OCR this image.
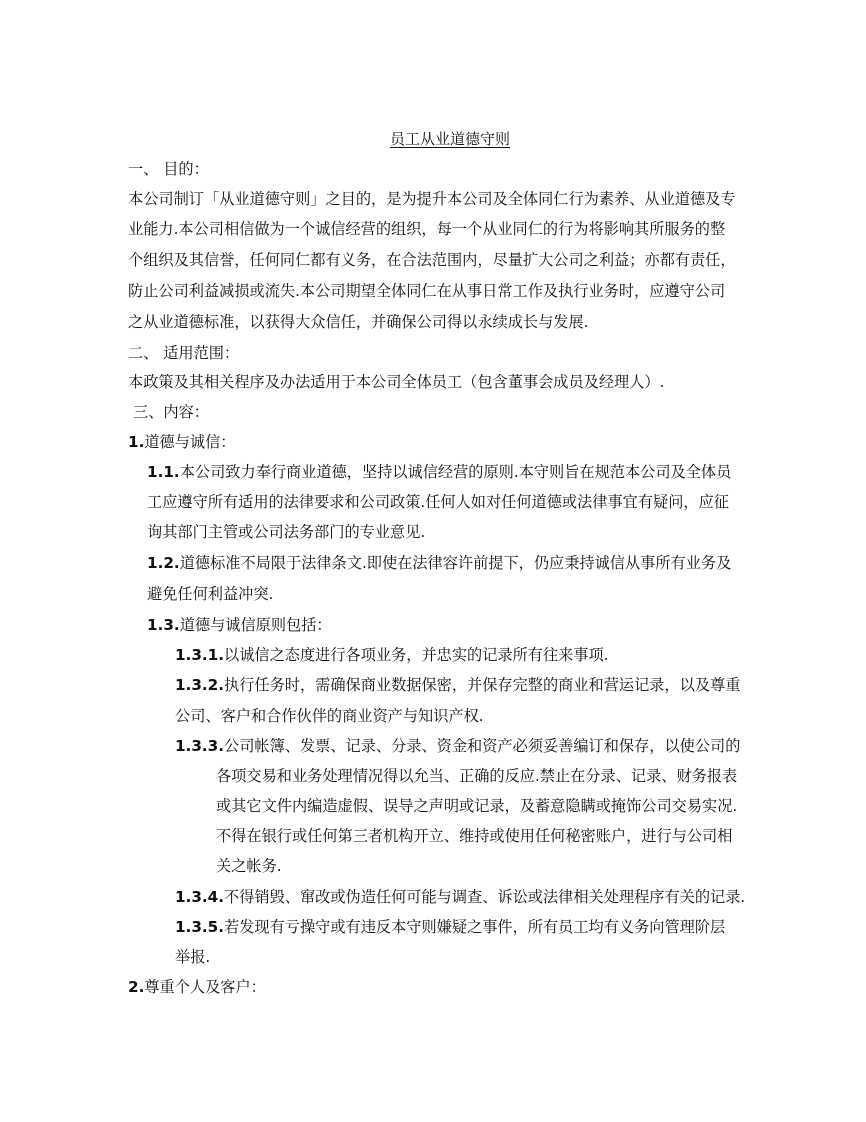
员工从业道德守则
一、 目的：
本公司制订「从业道德守则」之目的，是为提升本公司及全体同仁行为素养、从业道德及专
业能力.本公司相信做为一个诚信经营的组织，每一个从业同仁的行为将影响其所服务的整
个组织及其信誉，任何同仁都有义务，在合法范围内，尽量扩大公司之利益；亦都有责任，
防止公司利益减损或流失.本公司期望全体同仁在从事日常工作及执行业务时，应遵守公司
之从业道德标准，以获得大众信任，并确保公司得以永续成长与发展.
二、 适用范围：
本政策及其相关程序及办法适用于本公司全体员工（包含董事会成员及经理人）.
三、内容：
1.道德与诚信：
1.1.本公司致力奉行商业道德，坚持以诚信经营的原则.本守则旨在规范本公司及全体员
工应遵守所有适用的法律要求和公司政策.任何人如对任何道德或法律事宜有疑问，应征
询其部门主管或公司法务部门的专业意见.
1.2.道德标准不局限于法律条文.即使在法律容许前提下，仍应秉持诚信从事所有业务及
避免任何利益冲突.
1.3.道德与诚信原则包括：
1.3.1.以诚信之态度进行各项业务，并忠实的记录所有往来事项.
1.3.2.执行任务时，需确保商业数据保密，并保存完整的商业和营运记录，以及尊重
公司、客户和合作伙伴的商业资产与知识产权.
1.3.3.公司帐簿、发票、记录、分录、资金和资产必须妥善编订和保存，以使公司的
各项交易和业务处理情况得以允当、正确的反应.禁止在分录、记录、财务报表
或其它文件内编造虚假、误导之声明或记录，及蓄意隐瞒或掩饰公司交易实况.
不得在银行或任何第三者机构开立、维持或使用任何秘密账户，进行与公司相
关之帐务.
1.3.4.不得销毁、窜改或伪造任何可能与调查、诉讼或法律相关处理程序有关的记录.
1.3.5.若发现有亏操守或有违反本守则嫌疑之事件，所有员工均有义务向管理阶层
举报.
2.尊重个人及客户：
